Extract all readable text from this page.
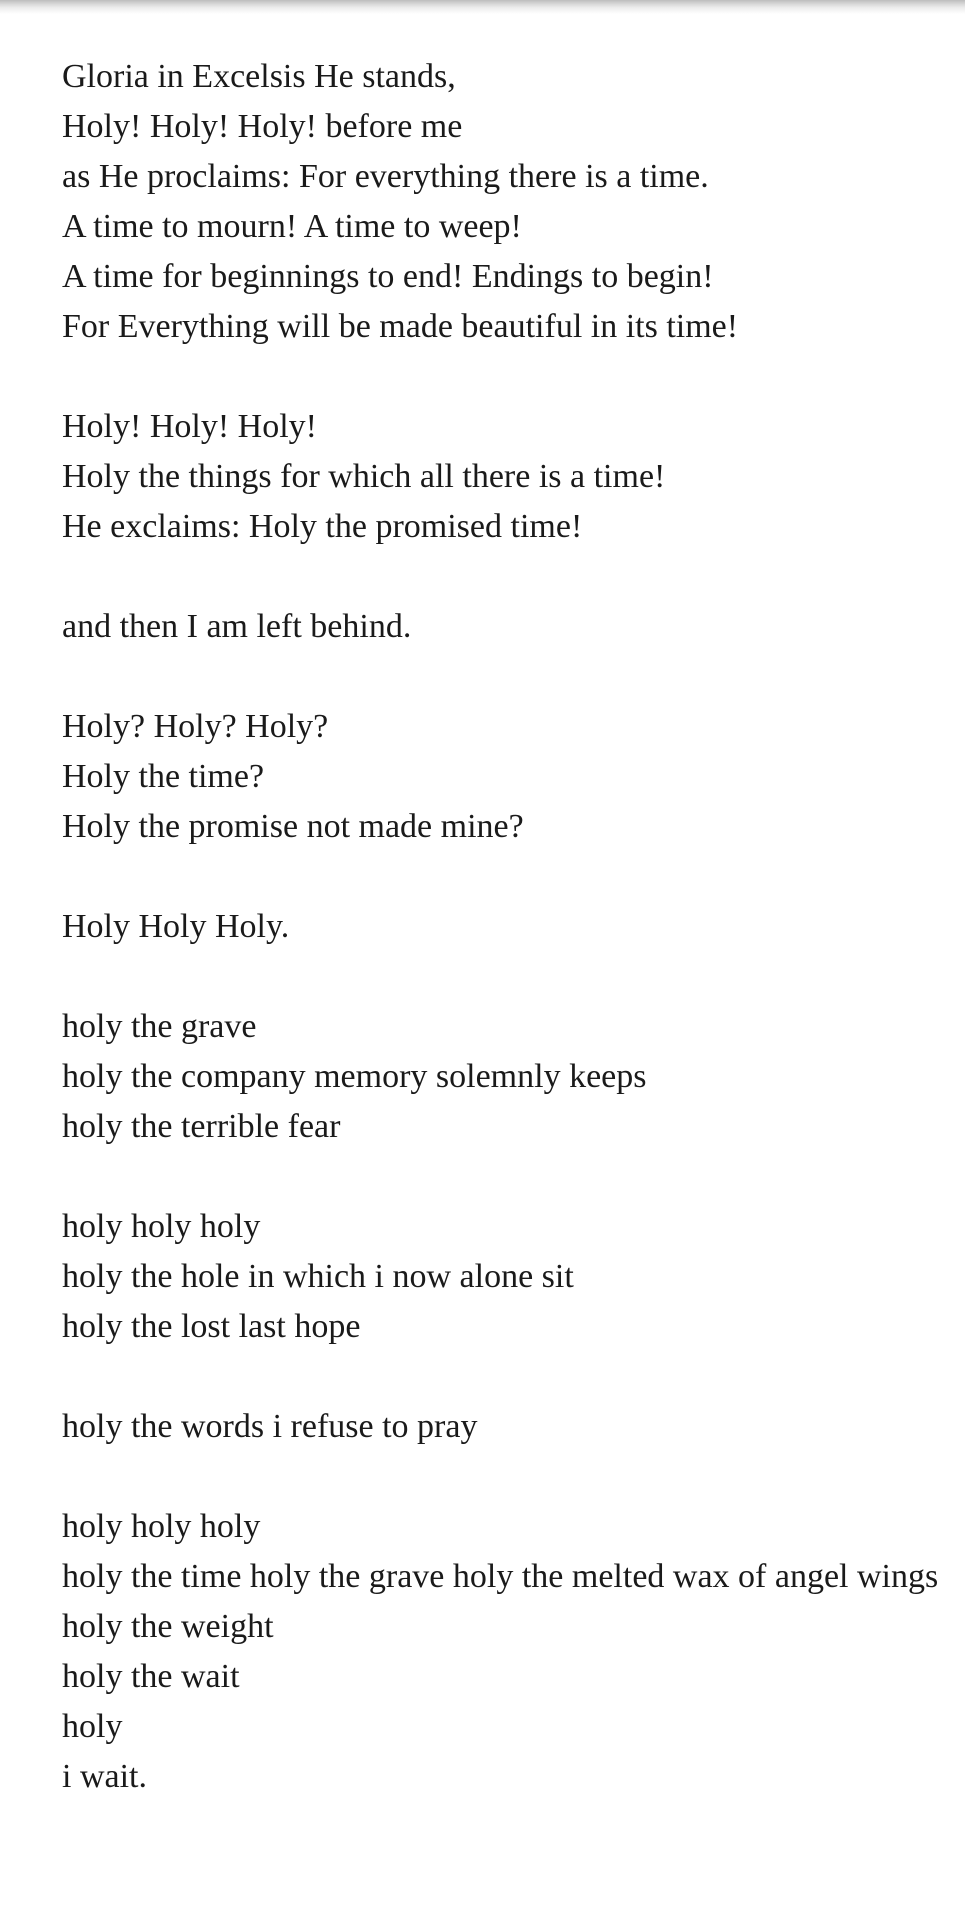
Gloria in Excelsis He stands,
Holy! Holy! Holy! before me
as He proclaims: For everything there is a time.
A time to mourn! A time to weep!
A time for beginnings to end! Endings to begin!
For Everything will be made beautiful in its time!
Holy! Holy! Holy!
Holy the things for which all there is a time!
He exclaims: Holy the promised time!
and then I am left behind.
Holy? Holy? Holy?
Holy the time?
Holy the promise not made mine?
Holy Holy Holy.
holy the grave
holy the company memory solemnly keeps
holy the terrible fear
holy holy holy
holy the hole in which i now alone sit
holy the lost last hope
holy the words i refuse to pray
holy holy holy
holy the time holy the grave holy the melted wax of angel wings
holy the weight
holy the wait
holy
i wait.
